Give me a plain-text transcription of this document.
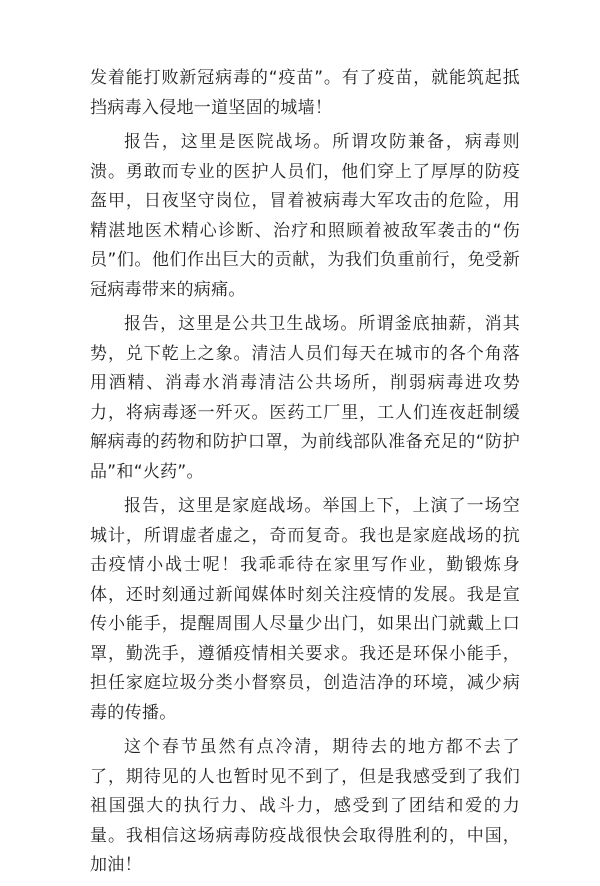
发着能打败新冠病毒的“疫苗”。有了疫苗，就能筑起抵挡病毒入侵地一道坚固的城墙！

报告，这里是医院战场。所谓攻防兼备，病毒则溃。勇敢而专业的医护人员们，他们穿上了厚厚的防疫盔甲，日夜坚守岗位，冒着被病毒大军攻击的危险，用精湛地医术精心诊断、治疗和照顾着被敌军袭击的“伤员”们。他们作出巨大的贡献，为我们负重前行，免受新冠病毒带来的病痛。

报告，这里是公共卫生战场。所谓釜底抽薪，消其势，兑下乾上之象。清洁人员们每天在城市的各个角落用酒精、消毒水消毒清洁公共场所，削弱病毒进攻势力，将病毒逐一歼灭。医药工厂里，工人们连夜赶制缓解病毒的药物和防护口罩，为前线部队准备充足的“防护品”和“火药”。

报告，这里是家庭战场。举国上下，上演了一场空城计，所谓虚者虚之，奇而复奇。我也是家庭战场的抗击疫情小战士呢！我乖乖待在家里写作业，勤锻炼身体，还时刻通过新闻媒体时刻关注疫情的发展。我是宣传小能手，提醒周围人尽量少出门，如果出门就戴上口罩，勤洗手，遵循疫情相关要求。我还是环保小能手，担任家庭垃圾分类小督察员，创造洁净的环境，减少病毒的传播。

这个春节虽然有点冷清，期待去的地方都不去了了，期待见的人也暂时见不到了，但是我感受到了我们祖国强大的执行力、战斗力，感受到了团结和爱的力量。我相信这场病毒防疫战很快会取得胜利的，中国，加油！
